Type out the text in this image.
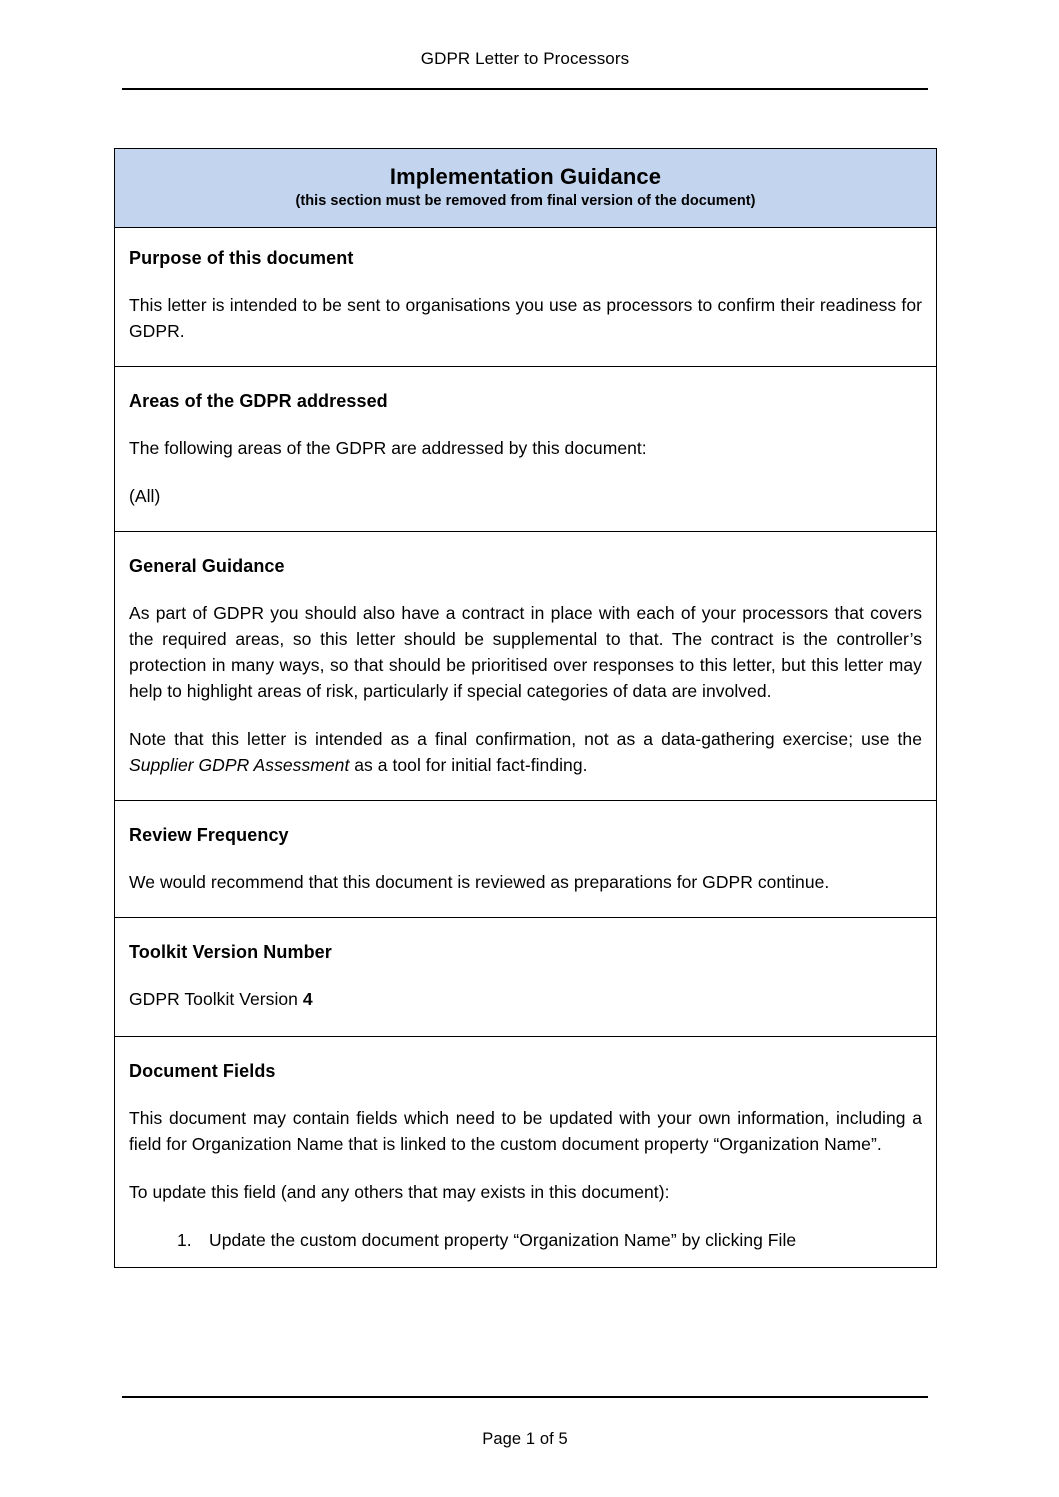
GDPR Letter to Processors
Implementation Guidance
(this section must be removed from final version of the document)
Purpose of this document

This letter is intended to be sent to organisations you use as processors to confirm their readiness for GDPR.

Areas of the GDPR addressed

The following areas of the GDPR are addressed by this document:

(All)

General Guidance

As part of GDPR you should also have a contract in place with each of your processors that covers the required areas, so this letter should be supplemental to that. The contract is the controller’s protection in many ways, so that should be prioritised over responses to this letter, but this letter may help to highlight areas of risk, particularly if special categories of data are involved.

Note that this letter is intended as a final confirmation, not as a data-gathering exercise; use the Supplier GDPR Assessment as a tool for initial fact-finding.

Review Frequency

We would recommend that this document is reviewed as preparations for GDPR continue.

Toolkit Version Number

GDPR Toolkit Version 4

Document Fields

This document may contain fields which need to be updated with your own information, including a field for Organization Name that is linked to the custom document property “Organization Name”.

To update this field (and any others that may exists in this document):

1. Update the custom document property “Organization Name” by clicking File
Page 1 of 5
